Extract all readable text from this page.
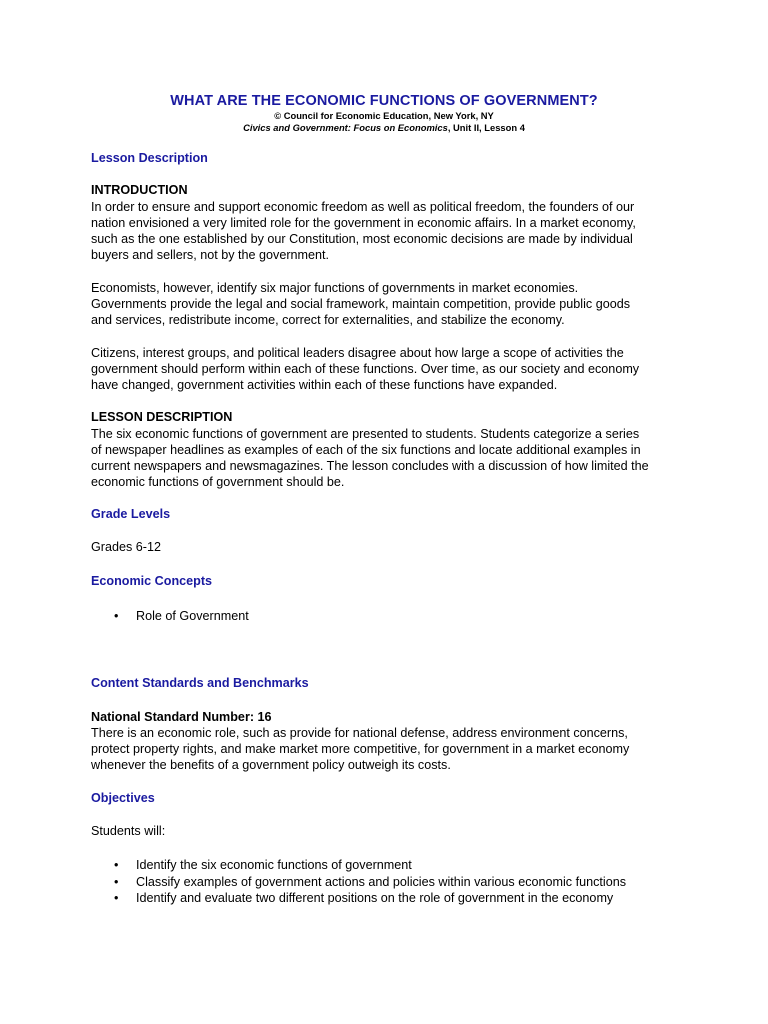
WHAT ARE THE ECONOMIC FUNCTIONS OF GOVERNMENT?
© Council for Economic Education, New York, NY
Civics and Government: Focus on Economics, Unit II, Lesson 4
Lesson Description
INTRODUCTION
In order to ensure and support economic freedom as well as political freedom, the founders of our
nation envisioned a very limited role for the government in economic affairs. In a market economy,
such as the one established by our Constitution, most economic decisions are made by individual
buyers and sellers, not by the government.
Economists, however, identify six major functions of governments in market economies.
Governments provide the legal and social framework, maintain competition, provide public goods
and services, redistribute income, correct for externalities, and stabilize the economy.
Citizens, interest groups, and political leaders disagree about how large a scope of activities the
government should perform within each of these functions. Over time, as our society and economy
have changed, government activities within each of these functions have expanded.
LESSON DESCRIPTION
The six economic functions of government are presented to students. Students categorize a series
of newspaper headlines as examples of each of the six functions and locate additional examples in
current newspapers and newsmagazines. The lesson concludes with a discussion of how limited the
economic functions of government should be.
Grade Levels
Grades 6-12
Economic Concepts
• Role of Government
Content Standards and Benchmarks
National Standard Number: 16
There is an economic role, such as provide for national defense, address environment concerns,
protect property rights, and make market more competitive, for government in a market economy
whenever the benefits of a government policy outweigh its costs.
Objectives
Students will:
• Identify the six economic functions of government
• Classify examples of government actions and policies within various economic functions
• Identify and evaluate two different positions on the role of government in the economy
